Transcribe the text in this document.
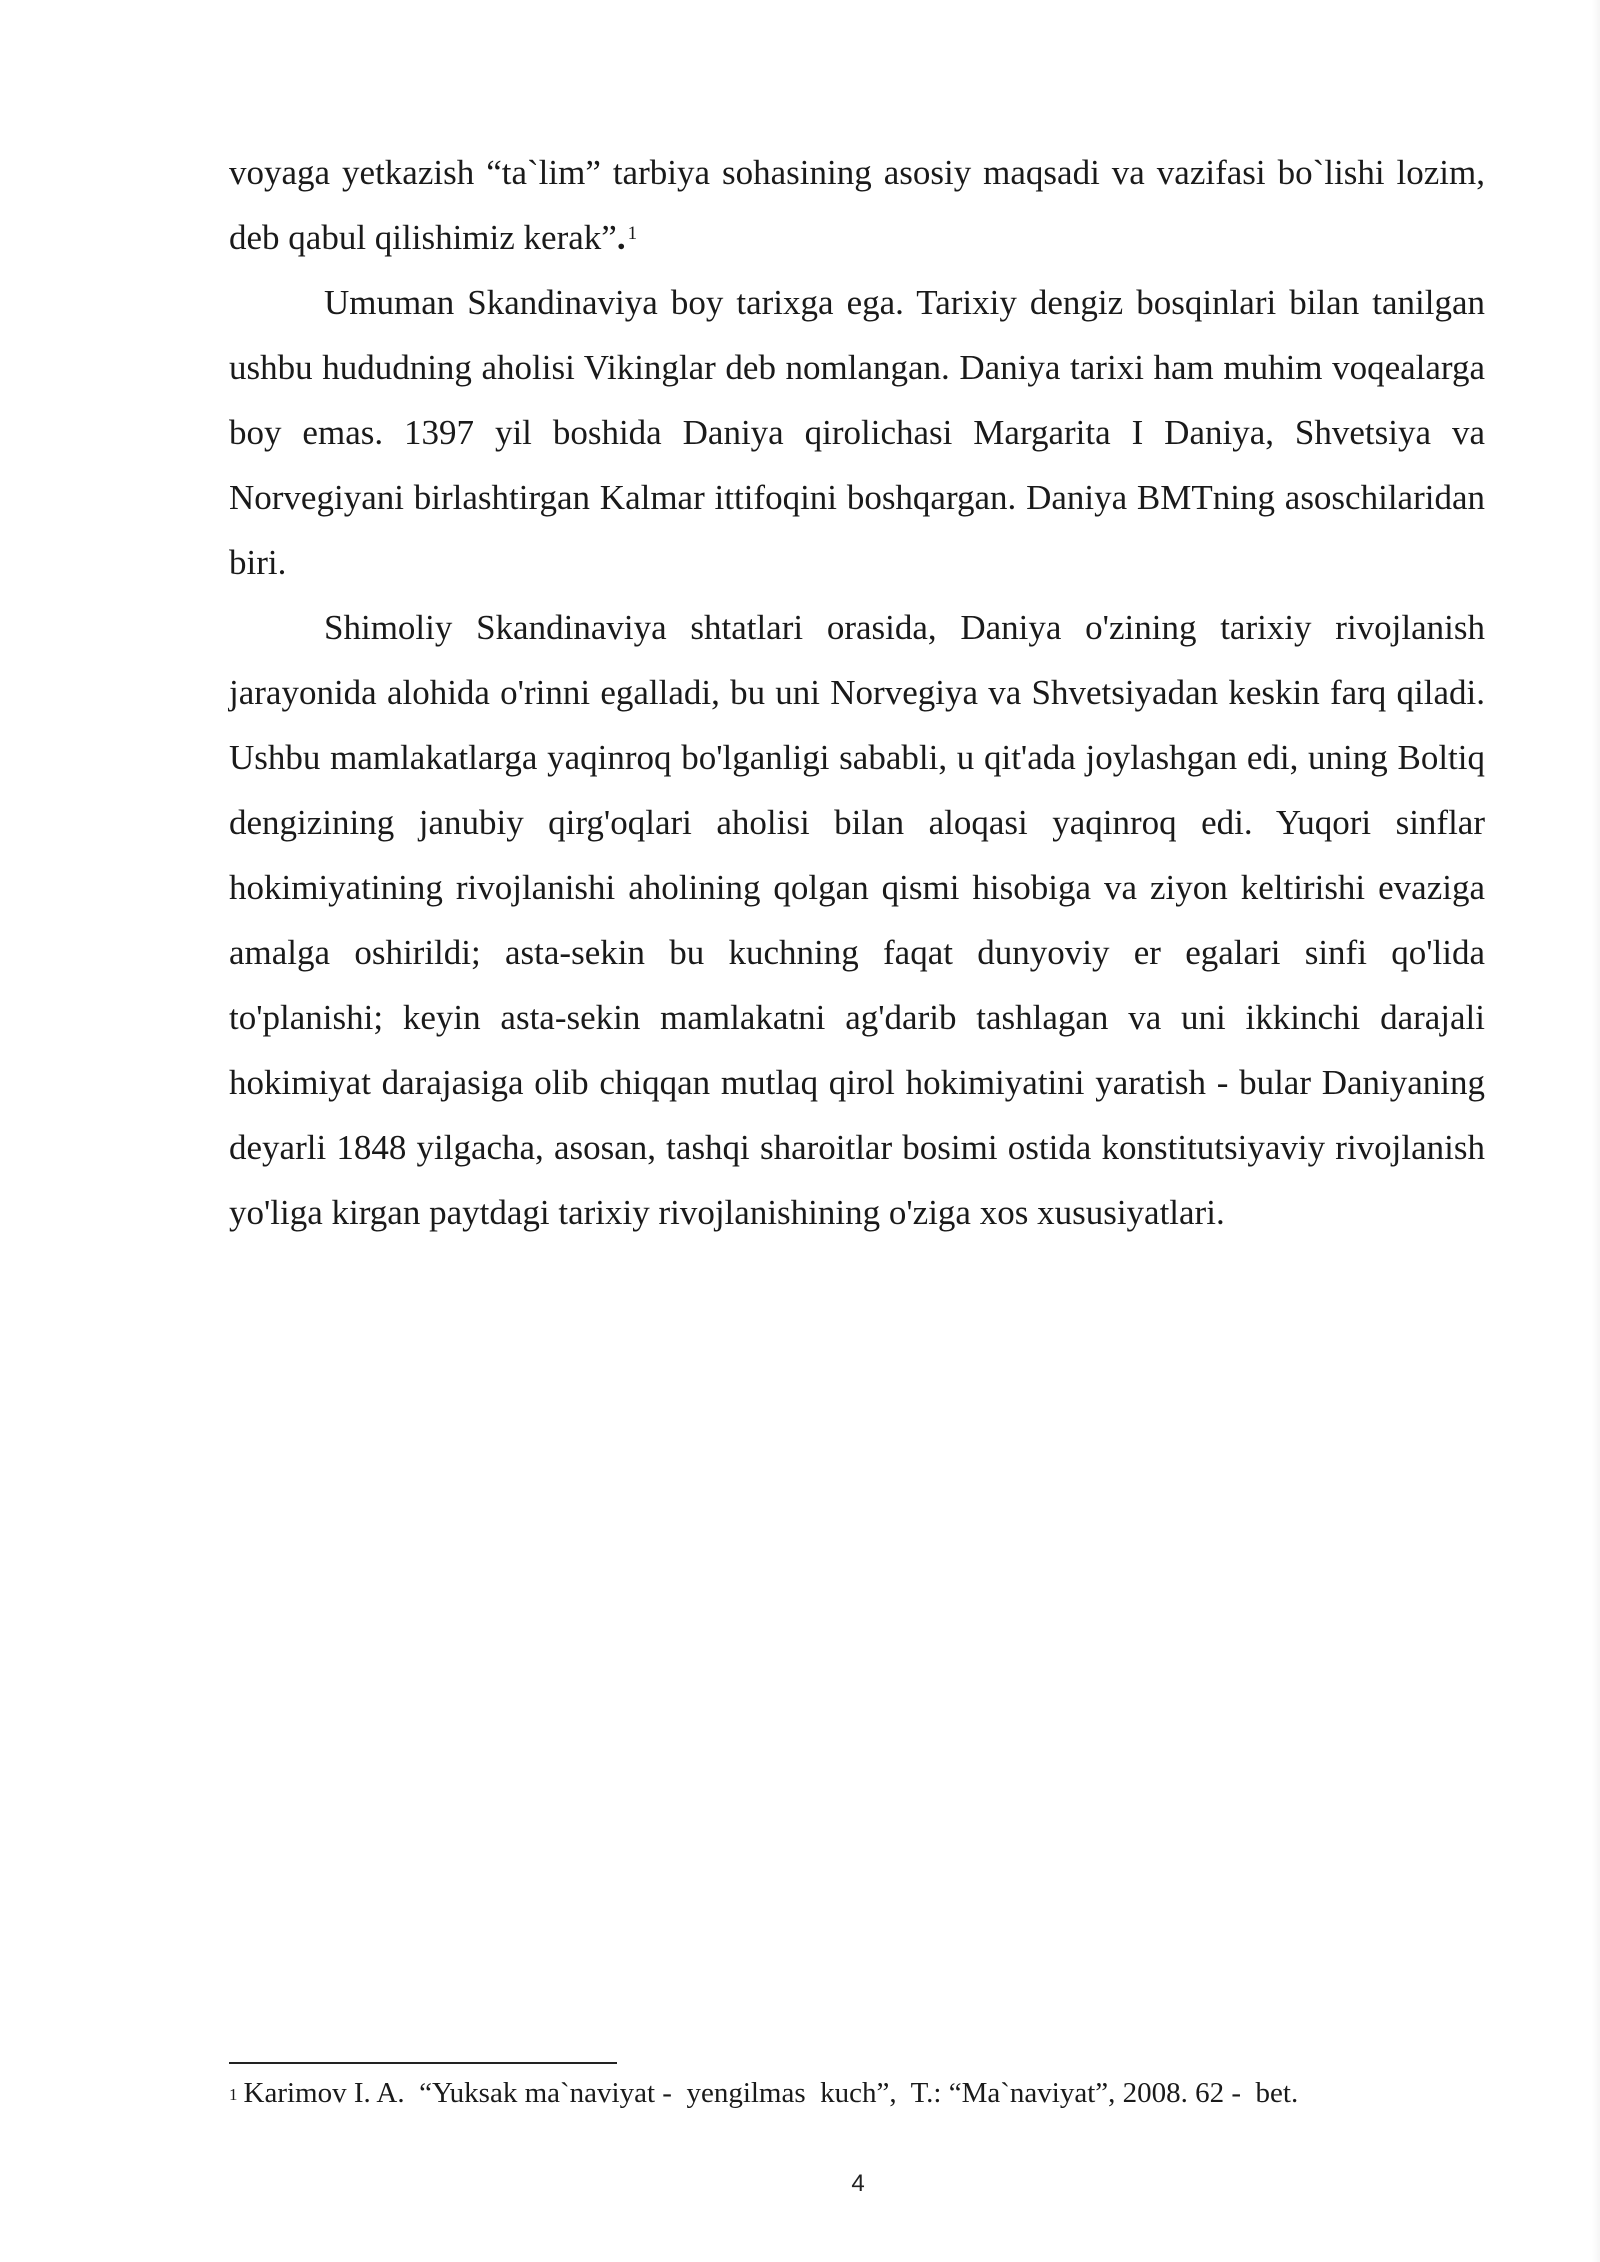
voyaga yetkazish “ta`lim” tarbiya sohasining asosiy maqsadi va vazifasi bo`lishi lozim, deb qabul qilishimiz kerak”. $^1$

Umuman Skandinaviya boy tarixga ega. Tarixiy dengiz bosqinlari bilan tanilgan ushbu hududning aholisi Vikinglar deb nomlangan. Daniya tarixi ham muhim voqealarga boy emas. 1397 yil boshida Daniya qirolichasi Margarita I Daniya, Shvetsiya va Norvegiyani birlashtirgan Kalmar ittifoqini boshqargan. Daniya BMTning asoschilaridan biri.

Shimoliy Skandinaviya shtatlari orasida, Daniya o'zining tarixiy rivojlanish jarayonida alohida o'rinni egalladi, bu uni Norvegiya va Shvetsiyadan keskin farq qiladi. Ushbu mamlakatlarga yaqinroq bo'lganligi sababli, u qit'ada joylashgan edi, uning Boltiq dengizining janubiy qirg'oqlari aholisi bilan aloqasi yaqinroq edi. Yuqori sinflar hokimiyatining rivojlanishi aholining qolgan qismi hisobiga va ziyon keltirishi evaziga amalga oshirildi; asta-sekin bu kuchning faqat dunyoviy er egalari sinfi qo'lida to'planishi; keyin asta-sekin mamlakatni ag'darib tashlagan va uni ikkinchi darajali hokimiyat darajasiga olib chiqqan mutlaq qirol hokimiyatini yaratish - bular Daniyaning deyarli 1848 yilgacha, asosan, tashqi sharoitlar bosimi ostida konstitutsiyaviy rivojlanish yo'liga kirgan paytdagi tarixiy rivojlanishining o'ziga xos xususiyatlari.

$^1$ Karimov I. A.  “Yuksak ma`naviyat -  yengilmas  kuch”,  T.: “Ma`naviyat”, 2008. 62 -  bet.
4
